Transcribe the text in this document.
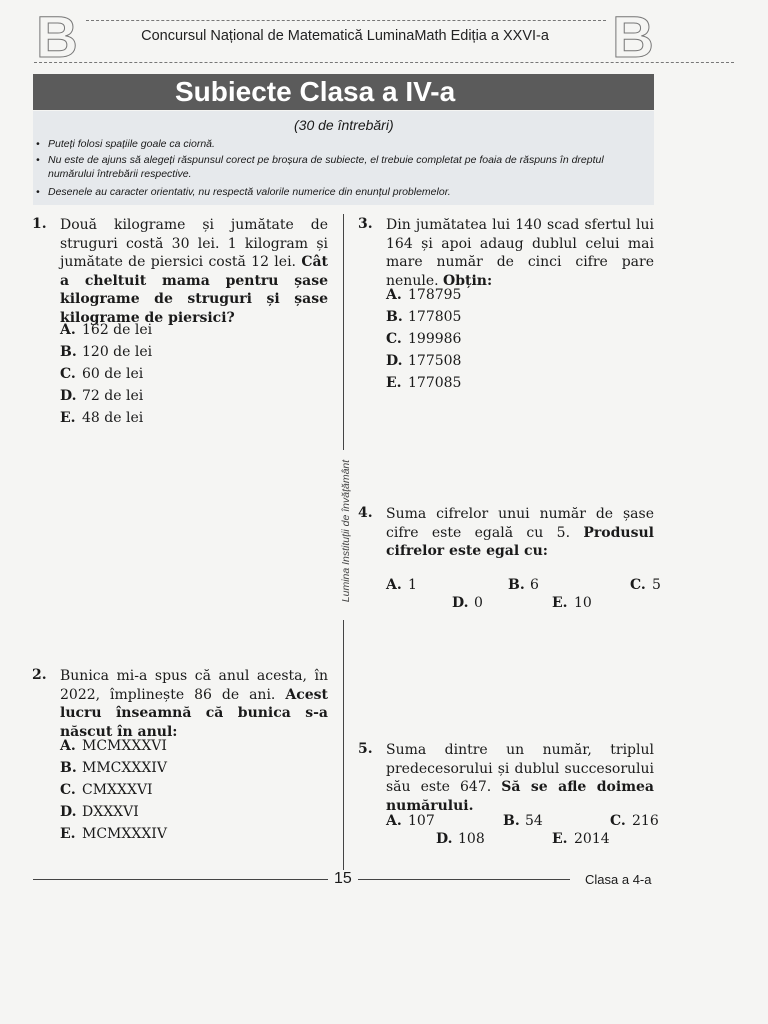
B	B
Concursul Național de Matematică LuminaMath Ediția a XXVI-a
Subiecte Clasa a IV-a
(30 de întrebări)
• Puteți folosi spațiile goale ca ciornă.
• Nu este de ajuns să alegeți răspunsul corect pe broșura de subiecte, el trebuie completat pe foaia de răspuns în dreptul
numărului întrebării respective.
• Desenele au caracter orientativ, nu respectă valorile numerice din enunțul problemelor.
Lumina Instituții de învățământ
1. Două kilograme și jumătate de struguri costă 30 lei. 1 kilogram și jumătate de piersici costă 12 lei. Cât a cheltuit mama pentru șase kilograme de struguri și șase kilograme de piersici?
A. 162 de lei
B. 120 de lei
C. 60 de lei
D. 72 de lei
E. 48 de lei
2. Bunica mi-a spus că anul acesta, în 2022, împlinește 86 de ani. Acest lucru înseamnă că bunica s-a născut în anul:
A. MCMXXXVI
B. MMCXXXIV
C. CMXXXVI
D. DXXXVI
E. MCMXXXIV
3. Din jumătatea lui 140 scad sfertul lui 164 și apoi adaug dublul celui mai mare număr de cinci cifre pare nenule. Obțin:
A. 178795
B. 177805
C. 199986
D. 177508
E. 177085
4. Suma cifrelor unui număr de șase cifre este egală cu 5. Produsul cifrelor este egal cu:
A. 1	B. 6	C. 5
D. 0	E. 10
5. Suma dintre un număr, triplul predecesorului și dublul succesorului său este 647. Să se afle doimea numărului.
A. 107	B. 54	C. 216
D. 108	E. 2014
15	Clasa a 4-a
